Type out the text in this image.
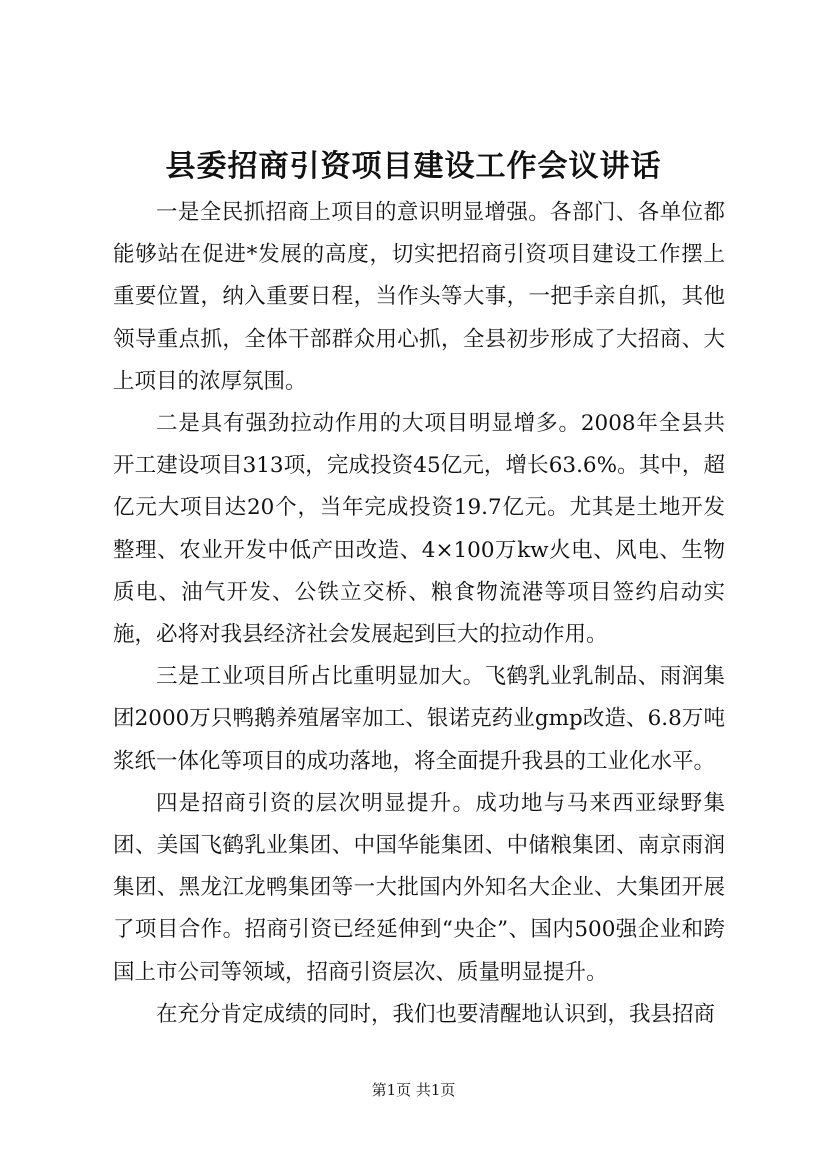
县委招商引资项目建设工作会议讲话

一是全民抓招商上项目的意识明显增强。各部门、各单位都能够站在促进*发展的高度，切实把招商引资项目建设工作摆上重要位置，纳入重要日程，当作头等大事，一把手亲自抓，其他领导重点抓，全体干部群众用心抓，全县初步形成了大招商、大上项目的浓厚氛围。

二是具有强劲拉动作用的大项目明显增多。2008年全县共开工建设项目313项，完成投资45亿元，增长63.6%。其中，超亿元大项目达20个，当年完成投资19.7亿元。尤其是土地开发整理、农业开发中低产田改造、4×100万kw火电、风电、生物质电、油气开发、公铁立交桥、粮食物流港等项目签约启动实施，必将对我县经济社会发展起到巨大的拉动作用。

三是工业项目所占比重明显加大。飞鹤乳业乳制品、雨润集团2000万只鸭鹅养殖屠宰加工、银诺克药业gmp改造、6.8万吨浆纸一体化等项目的成功落地，将全面提升我县的工业化水平。

四是招商引资的层次明显提升。成功地与马来西亚绿野集团、美国飞鹤乳业集团、中国华能集团、中储粮集团、南京雨润集团、黑龙江龙鸭集团等一大批国内外知名大企业、大集团开展了项目合作。招商引资已经延伸到“央企”、国内500强企业和跨国上市公司等领域，招商引资层次、质量明显提升。

在充分肯定成绩的同时，我们也要清醒地认识到，我县招商

第1页 共1页
